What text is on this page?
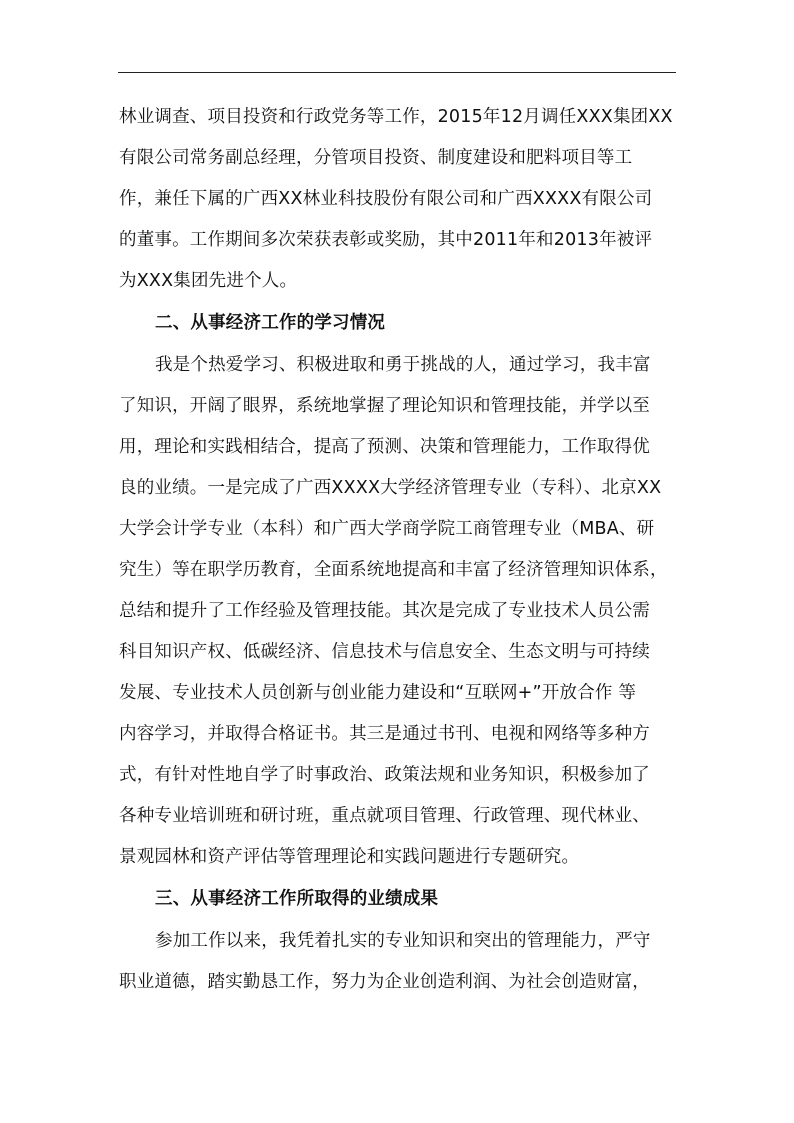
林业调查、项目投资和行政党务等工作，2015年12月调任XXX集团XX
有限公司常务副总经理，分管项目投资、制度建设和肥料项目等工
作，兼任下属的广西XX林业科技股份有限公司和广西XXXX有限公司
的董事。工作期间多次荣获表彰或奖励，其中2011年和2013年被评
为XXX集团先进个人。
二、从事经济工作的学习情况
我是个热爱学习、积极进取和勇于挑战的人，通过学习，我丰富
了知识，开阔了眼界，系统地掌握了理论知识和管理技能，并学以至
用，理论和实践相结合，提高了预测、决策和管理能力，工作取得优
良的业绩。一是完成了广西XXXX大学经济管理专业（专科）、北京XX
大学会计学专业（本科）和广西大学商学院工商管理专业（MBA、研
究生）等在职学历教育，全面系统地提高和丰富了经济管理知识体系，
总结和提升了工作经验及管理技能。其次是完成了专业技术人员公需
科目知识产权、低碳经济、信息技术与信息安全、生态文明与可持续
发展、专业技术人员创新与创业能力建设和“互联网+”开放合作 等
内容学习，并取得合格证书。其三是通过书刊、电视和网络等多种方
式，有针对性地自学了时事政治、政策法规和业务知识，积极参加了
各种专业培训班和研讨班，重点就项目管理、行政管理、现代林业、
景观园林和资产评估等管理理论和实践问题进行专题研究。
三、从事经济工作所取得的业绩成果
参加工作以来，我凭着扎实的专业知识和突出的管理能力，严守
职业道德，踏实勤恳工作，努力为企业创造利润、为社会创造财富，
